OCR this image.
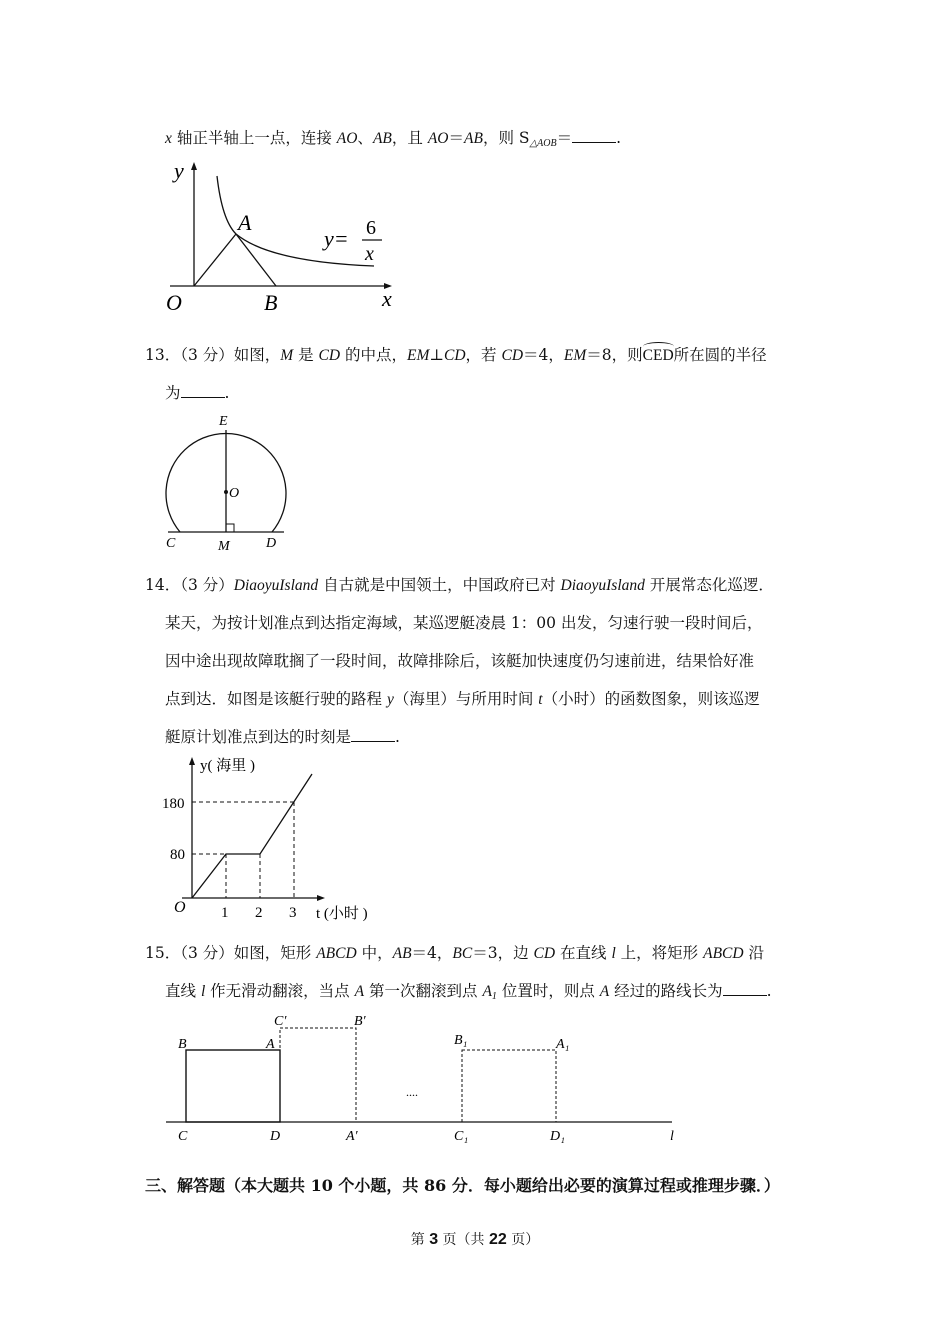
x 轴正半轴上一点，连接 AO、AB，且 AO＝AB，则 $S_{\triangle AOB}=$	.
y
x
O
A
B
y= 6
x
13．（3 分）如图，M 是 CD 的中点，EM⊥CD，若 CD＝4，EM＝8，则CED所在圆的半径
为	.
E
O
C	M	D
14．（3 分）DiaoyuIsland 自古就是中国领土，中国政府已对 DiaoyuIsland 开展常态化巡逻．
某天，为按计划准点到达指定海域，某巡逻艇凌晨 1：00 出发，匀速行驶一段时间后，
因中途出现故障耽搁了一段时间，故障排除后，该艇加快速度仍匀速前进，结果恰好准
点到达．如图是该艇行驶的路程 y（海里）与所用时间 t（小时）的函数图象，则该巡逻
艇原计划准点到达的时刻是	.
y( 海里 )
180
80
O 1 2 3 t (小时 )
15．（3 分）如图，矩形 ABCD 中，AB＝4，BC＝3，边 CD 在直线 l 上，将矩形 ABCD 沿
直线 l 作无滑动翻滚，当点 A 第一次翻滚到点 $A_1$ 位置时，则点 A 经过的路线长为	.
B	A
C′	B′
C	D	A′
....
B₁	A₁
C₁	D₁	l
三、解答题（本大题共 10 个小题，共 86 分．每小题给出必要的演算过程或推理步骤．）
第 3 页（共 22 页）
